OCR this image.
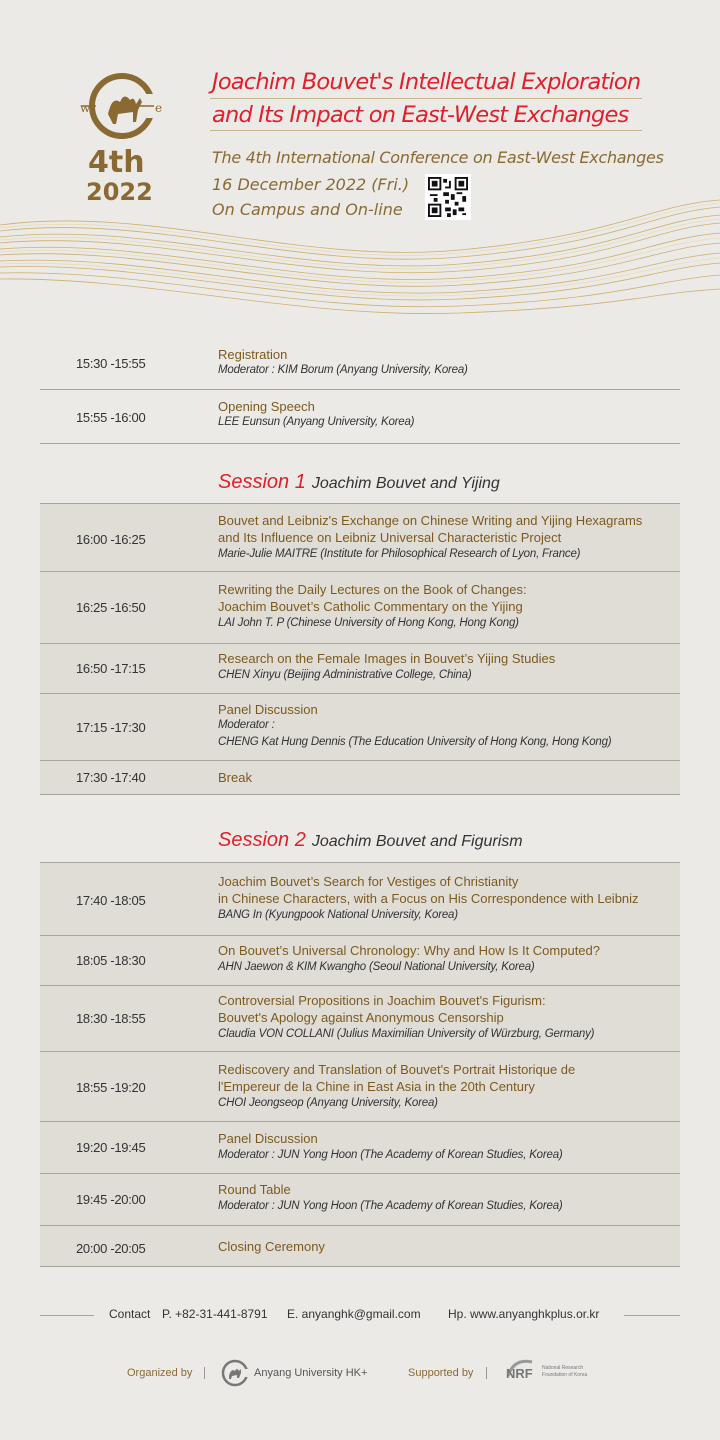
w	e
4th
2022
Joachim Bouvet's Intellectual Exploration
and Its Impact on East-West Exchanges
The 4th International Conference on East-West Exchanges
16 December 2022 (Fri.)
On Campus and On-line
15:30 -15:55
Registration
Moderator : KIM Borum (Anyang University, Korea)
15:55 -16:00
Opening Speech
LEE Eunsun (Anyang University, Korea)
Session 1 Joachim Bouvet and Yijing
16:00 -16:25
Bouvet and Leibniz's Exchange on Chinese Writing and Yijing Hexagrams
and Its Influence on Leibniz Universal Characteristic Project
Marie-Julie MAITRE (Institute for Philosophical Research of Lyon, France)
16:25 -16:50
Rewriting the Daily Lectures on the Book of Changes:
Joachim Bouvet’s Catholic Commentary on the Yijing
LAI John T. P (Chinese University of Hong Kong, Hong Kong)
16:50 -17:15
Research on the Female Images in Bouvet’s Yijing Studies
CHEN Xinyu (Beijing Administrative College, China)
17:15 -17:30
Panel Discussion
Moderator :
CHENG Kat Hung Dennis (The Education University of Hong Kong, Hong Kong)
17:30 -17:40	Break
Session 2 Joachim Bouvet and Figurism
17:40 -18:05
Joachim Bouvet’s Search for Vestiges of Christianity
in Chinese Characters, with a Focus on His Correspondence with Leibniz
BANG In (Kyungpook National University, Korea)
18:05 -18:30
On Bouvet’s Universal Chronology: Why and How Is It Computed?
AHN Jaewon & KIM Kwangho (Seoul National University, Korea)
18:30 -18:55
Controversial Propositions in Joachim Bouvet's Figurism:
Bouvet's Apology against Anonymous Censorship
Claudia VON COLLANI (Julius Maximilian University of Würzburg, Germany)
18:55 -19:20
Rediscovery and Translation of Bouvet's Portrait Historique de
l'Empereur de la Chine in East Asia in the 20th Century
CHOI Jeongseop (Anyang University, Korea)
19:20 -19:45
Panel Discussion
Moderator : JUN Yong Hoon (The Academy of Korean Studies, Korea)
19:45 -20:00
Round Table
Moderator : JUN Yong Hoon (The Academy of Korean Studies, Korea)
20:00 -20:05	Closing Ceremony
Contact P. +82-31-441-8791 E. anyanghk@gmail.com Hp. www.anyanghkplus.or.kr
Organized by	Anyang University HK+	Supported by	NRF National Research
Foundation of Korea
